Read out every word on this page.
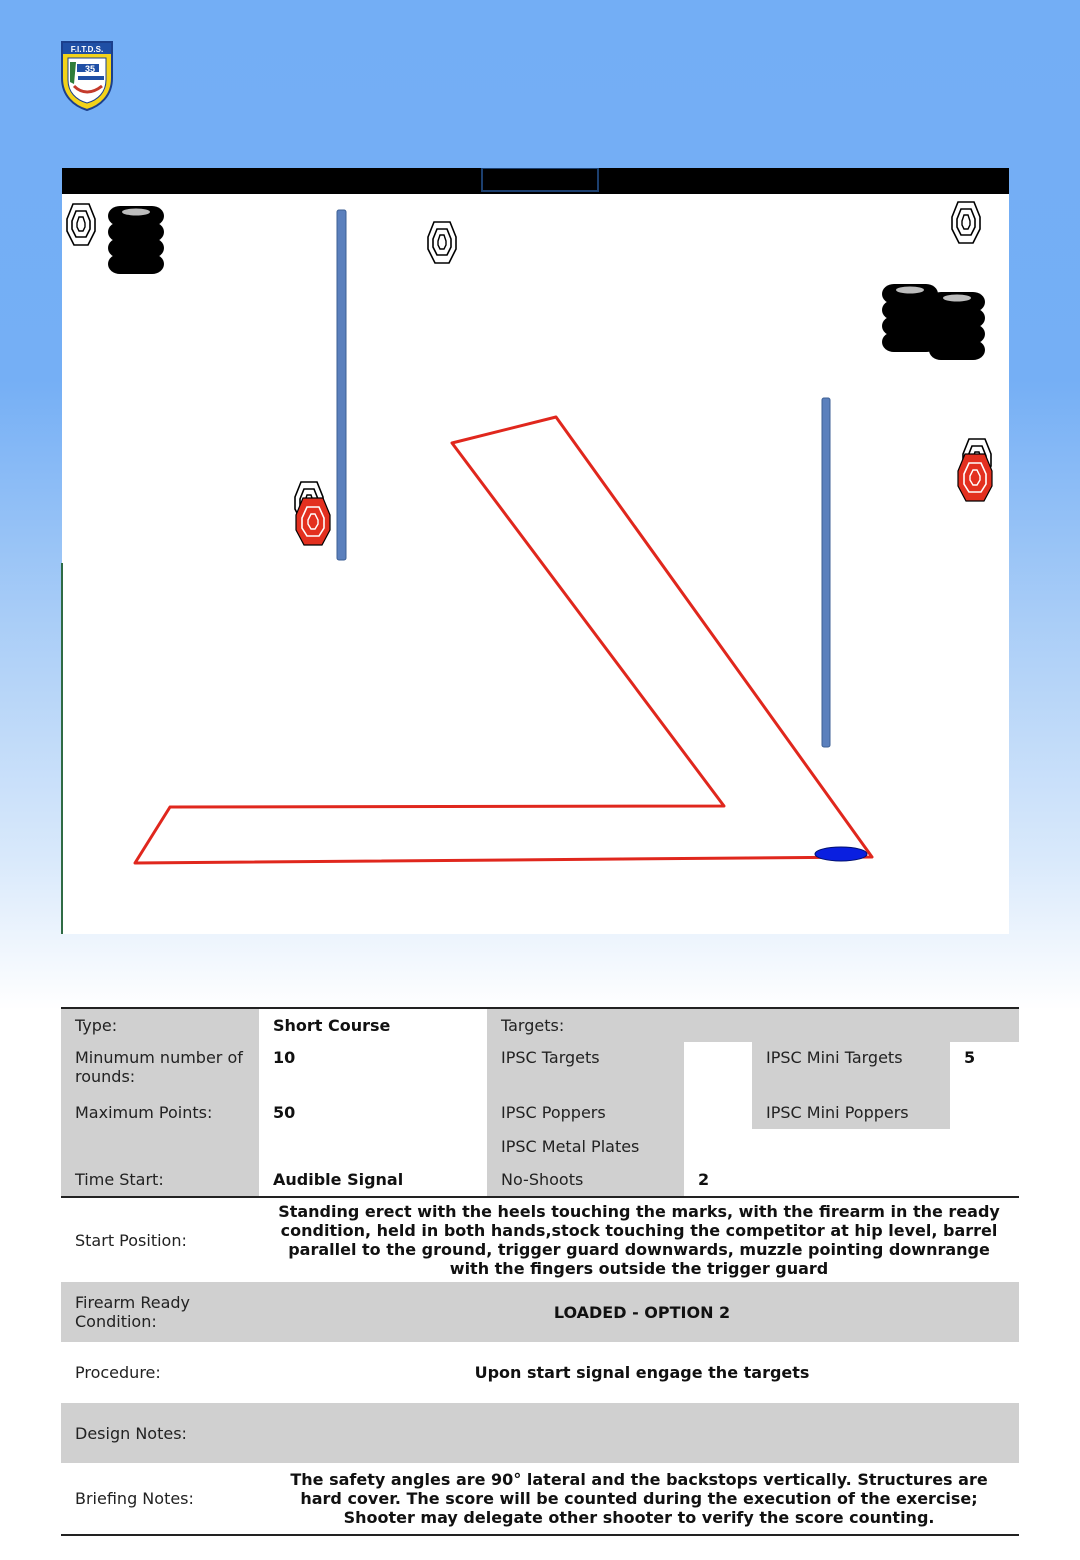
F.I.T.D.S.
35
Type:	Short Course	Targets:			
Minumum number of rounds:	10	IPSC Targets		IPSC Mini Targets	5
Maximum Points:	50	IPSC Poppers		IPSC Mini Poppers	
		IPSC Metal Plates			
Time Start:	Audible Signal	No-Shoots	2		
Start Position:	Standing erect with the heels touching the marks, with the firearm in the ready condition, held in both hands,stock touching the competitor at hip level, barrel parallel to the ground, trigger guard downwards, muzzle pointing downrange with the fingers outside the trigger guard				
Firearm Ready Condition:	LOADED - OPTION 2				
Procedure:	Upon start signal engage the targets				
Design Notes:					
Briefing Notes:	The safety angles are 90° lateral and the backstops vertically. Structures are hard cover. The score will be counted during the execution of the exercise; Shooter may delegate other shooter to verify the score counting.				
